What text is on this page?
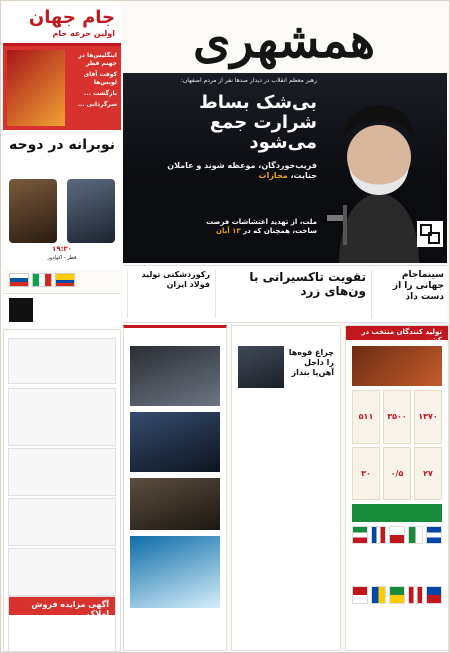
جام جهان
اولین جرعه جام
اینگلیس‌ها در جهنم قطر
کوفت آقای لوبس‌ها
بازگشت ...
سرگردانی ...
نوبرانه در دوحه
۱۹:۳۰
قطر - اکوادور
آگهی مزایده فروش املاک
همشهری
رهبر معظم انقلاب در دیدار صدها نفر از مردم اصفهان:
بی‌شک بساط شرارت جمع می‌شود
فریب‌خوردگان، موعظه شوند و عاملان جنایت، مجازات
ملت، از تهدید اغتشاشات فرصت ساخت، همچنان که در ۱۳ آبان
رکوردشکنی تولید فولاد ایران
تقویت تاکسیرانی با ون‌های زرد
سینماجام جهانی را از دست داد
چراغ قوه‌ها را داخل آهن‌پا بنداز
تولید کنندگان منتخب در کشور
۵۱۱ ۳۵۰۰ ۱۳۷۰
۳۰ ۰/۵ ۲۷
